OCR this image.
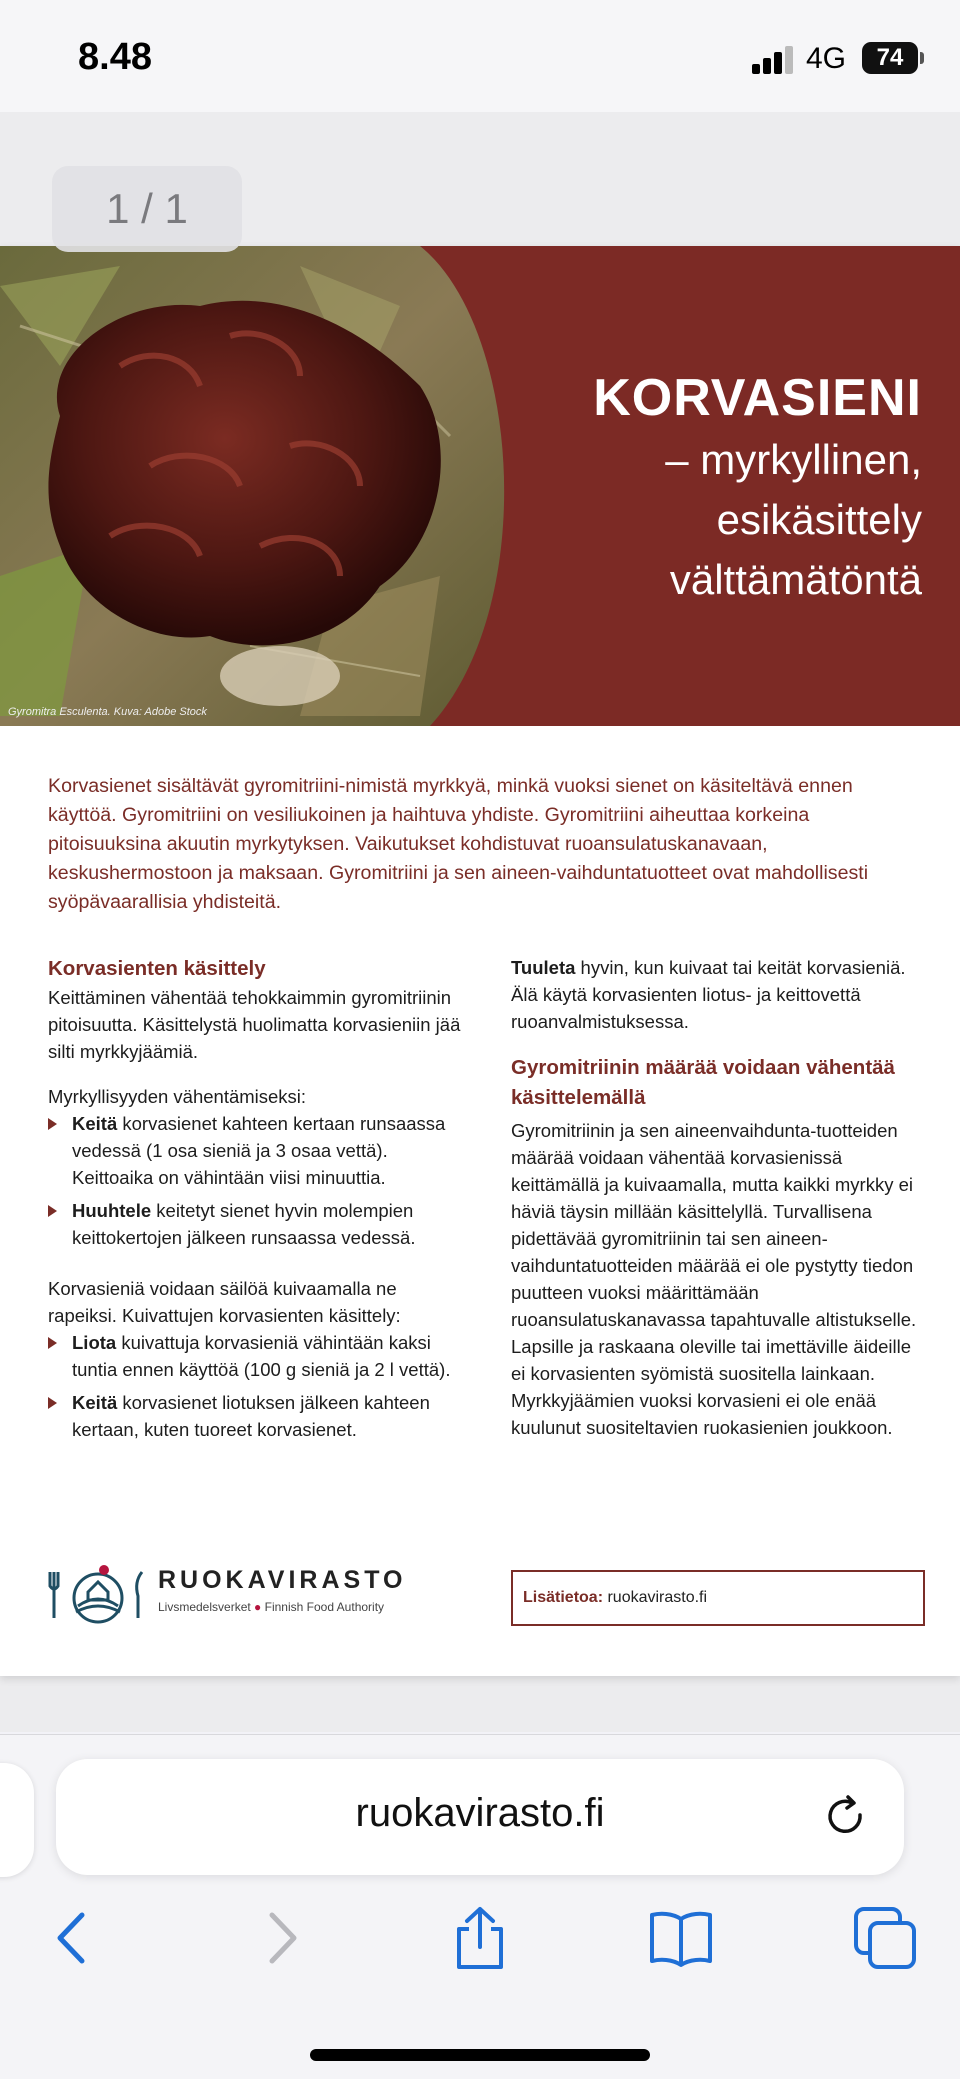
8.48	4G	74
1 / 1
KORVASIENI
– myrkyllinen,
esikäsittely
välttämätöntä
Gyromitra Esculenta. Kuva: Adobe Stock
Korvasienet sisältävät gyromitriini-nimistä myrkkyä, minkä vuoksi sienet on käsiteltävä ennen käyttöä. Gyromitriini on vesiliukoinen ja haihtuva yhdiste. Gyromitriini aiheuttaa korkeina pitoisuuksina akuutin myrkytyksen. Vaikutukset kohdistuvat ruoansulatuskanavaan, keskushermostoon ja maksaan. Gyromitriini ja sen aineen-vaihduntatuotteet ovat mahdollisesti syöpävaarallisia yhdisteitä.
Korvasienten käsittely
Keittäminen vähentää tehokkaimmin gyromitriinin pitoisuutta. Käsittelystä huolimatta korvasieniin jää silti myrkkyjäämiä.
Myrkyllisyyden vähentämiseksi:
Keitä korvasienet kahteen kertaan runsaassa vedessä (1 osa sieniä ja 3 osaa vettä). Keittoaika on vähintään viisi minuuttia.
Huuhtele keitetyt sienet hyvin molempien keittokertojen jälkeen runsaassa vedessä.
Korvasieniä voidaan säilöä kuivaamalla ne rapeiksi. Kuivattujen korvasienten käsittely:
Liota kuivattuja korvasieniä vähintään kaksi tuntia ennen käyttöä (100 g sieniä ja 2 l vettä).
Keitä korvasienet liotuksen jälkeen kahteen kertaan, kuten tuoreet korvasienet.
Tuuleta hyvin, kun kuivaat tai keität korvasieniä. Älä käytä korvasienten liotus- ja keittovettä ruoanvalmistuksessa.
Gyromitriinin määrää voidaan vähentää käsittelemällä
Gyromitriinin ja sen aineenvaihdunta-tuotteiden määrää voidaan vähentää korvasienissä keittämällä ja kuivaamalla, mutta kaikki myrkky ei häviä täysin millään käsittelyllä. Turvallisena pidettävää gyromitriinin tai sen aineen-vaihduntatuotteiden määrää ei ole pystytty tiedon puutteen vuoksi määrittämään ruoansulatuskanavassa tapahtuvalle altistukselle. Lapsille ja raskaana oleville tai imettäville äideille ei korvasienten syömistä suositella lainkaan. Myrkkyjäämien vuoksi korvasieni ei ole enää kuulunut suositeltavien ruokasienien joukkoon.
RUOKAVIRASTO
Livsmedelsverket ● Finnish Food Authority
Lisätietoa: ruokavirasto.fi
ruokavirasto.fi
